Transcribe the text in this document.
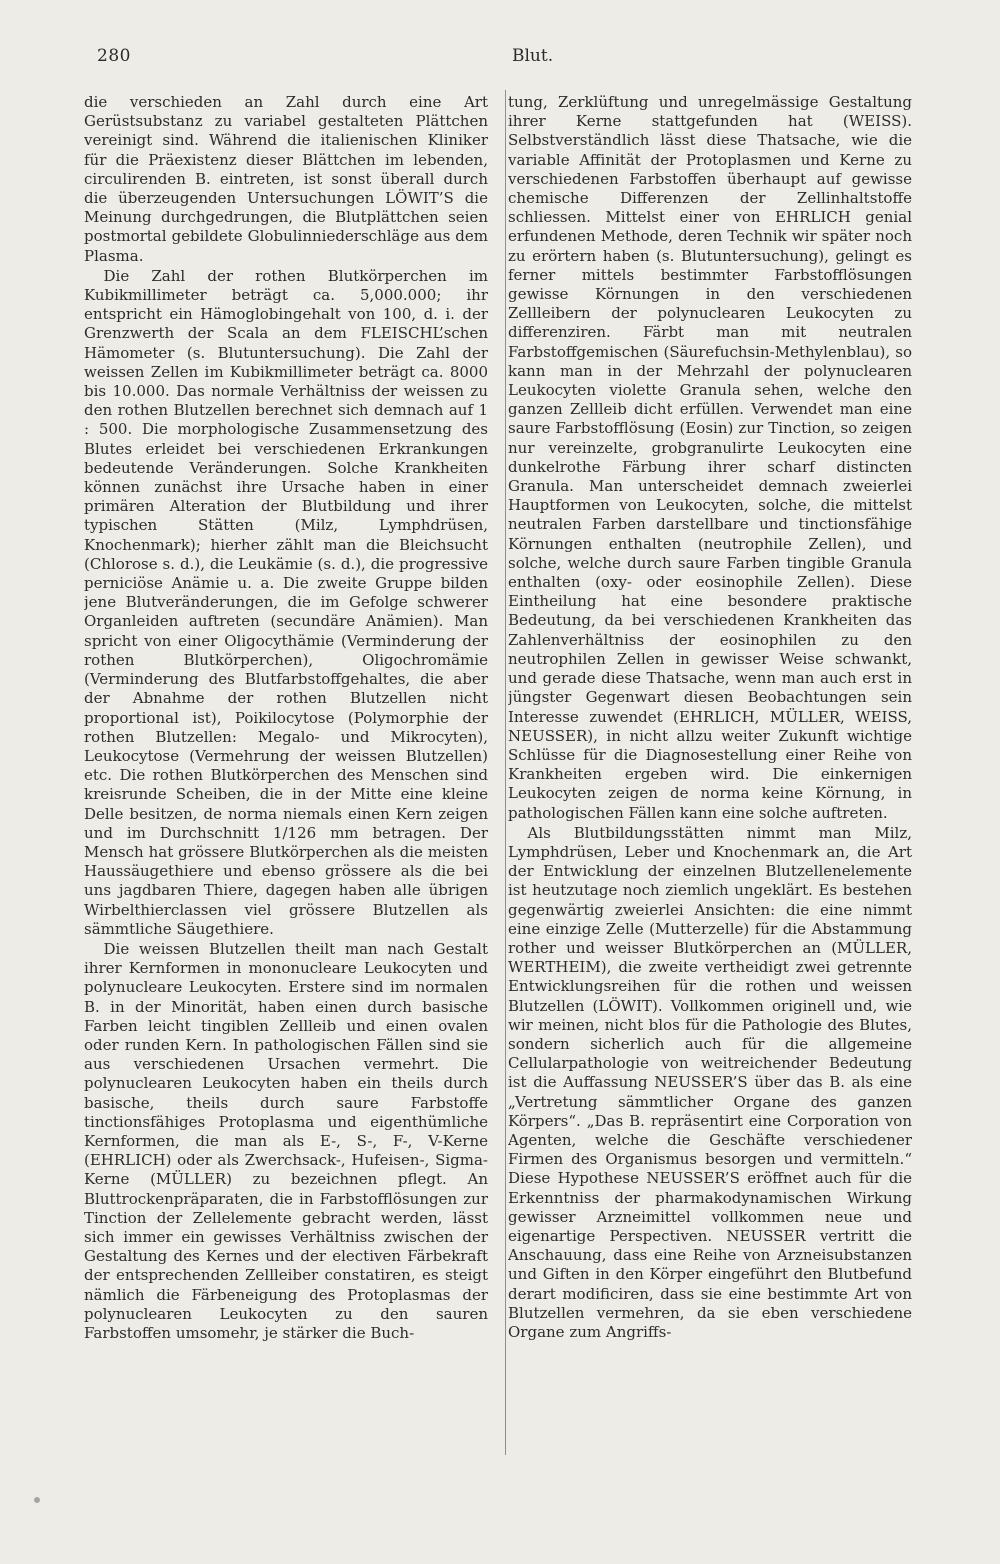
280	Blut.

die verschieden an Zahl durch eine Art Gerüstsubstanz zu variabel gestalteten Plättchen vereinigt sind. Während die italienischen Kliniker für die Präexistenz dieser Blättchen im lebenden, circulirenden B. eintreten, ist sonst überall durch die überzeugenden Untersuchungen LÖWIT’S die Meinung durchgedrungen, die Blutplättchen seien postmortal gebildete Globulinniederschläge aus dem Plasma.

Die Zahl der rothen Blutkörperchen im Kubikmillimeter beträgt ca. 5,000.000; ihr entspricht ein Hämoglobingehalt von 100, d. i. der Grenzwerth der Scala an dem FLEISCHL’schen Hämometer (s. Blutuntersuchung). Die Zahl der weissen Zellen im Kubikmillimeter beträgt ca. 8000 bis 10.000. Das normale Verhältniss der weissen zu den rothen Blutzellen berechnet sich demnach auf 1 : 500. Die morphologische Zusammensetzung des Blutes erleidet bei verschiedenen Erkrankungen bedeutende Veränderungen. Solche Krankheiten können zunächst ihre Ursache haben in einer primären Alteration der Blutbildung und ihrer typischen Stätten (Milz, Lymphdrüsen, Knochenmark); hierher zählt man die Bleichsucht (Chlorose s. d.), die Leukämie (s. d.), die progressive perniciöse Anämie u. a. Die zweite Gruppe bilden jene Blutveränderungen, die im Gefolge schwerer Organleiden auftreten (secundäre Anämien). Man spricht von einer Oligocythämie (Verminderung der rothen Blutkörperchen), Oligochromämie (Verminderung des Blutfarbstoffgehaltes, die aber der Abnahme der rothen Blutzellen nicht proportional ist), Poikilocytose (Polymorphie der rothen Blutzellen: Megalo- und Mikrocyten), Leukocytose (Vermehrung der weissen Blutzellen) etc. Die rothen Blutkörperchen des Menschen sind kreisrunde Scheiben, die in der Mitte eine kleine Delle besitzen, de norma niemals einen Kern zeigen und im Durchschnitt 1/126 mm betragen. Der Mensch hat grössere Blutkörperchen als die meisten Haussäugethiere und ebenso grössere als die bei uns jagdbaren Thiere, dagegen haben alle übrigen Wirbelthierclassen viel grössere Blutzellen als sämmtliche Säugethiere.

Die weissen Blutzellen theilt man nach Gestalt ihrer Kernformen in mononucleare Leukocyten und polynucleare Leukocyten. Erstere sind im normalen B. in der Minorität, haben einen durch basische Farben leicht tingiblen Zellleib und einen ovalen oder runden Kern. In pathologischen Fällen sind sie aus verschiedenen Ursachen vermehrt. Die polynuclearen Leukocyten haben ein theils durch basische, theils durch saure Farbstoffe tinctionsfähiges Protoplasma und eigenthümliche Kernformen, die man als E-, S-, F-, V-Kerne (EHRLICH) oder als Zwerchsack-, Hufeisen-, Sigma-Kerne (MÜLLER) zu bezeichnen pflegt. An Bluttrockenpräparaten, die in Farbstofflösungen zur Tinction der Zellelemente gebracht werden, lässt sich immer ein gewisses Verhältniss zwischen der Gestaltung des Kernes und der electiven Färbekraft der entsprechenden Zellleiber constatiren, es steigt nämlich die Färbeneigung des Protoplasmas der polynuclearen Leukocyten zu den sauren Farbstoffen umsomehr, je stärker die Buch-

tung, Zerklüftung und unregelmässige Gestaltung ihrer Kerne stattgefunden hat (WEISS). Selbstverständlich lässt diese Thatsache, wie die variable Affinität der Protoplasmen und Kerne zu verschiedenen Farbstoffen überhaupt auf gewisse chemische Differenzen der Zellinhaltstoffe schliessen. Mittelst einer von EHRLICH genial erfundenen Methode, deren Technik wir später noch zu erörtern haben (s. Blutuntersuchung), gelingt es ferner mittels bestimmter Farbstofflösungen gewisse Körnungen in den verschiedenen Zellleibern der polynuclearen Leukocyten zu differenziren. Färbt man mit neutralen Farbstoffgemischen (Säurefuchsin-Methylenblau), so kann man in der Mehrzahl der polynuclearen Leukocyten violette Granula sehen, welche den ganzen Zellleib dicht erfüllen. Verwendet man eine saure Farbstofflösung (Eosin) zur Tinction, so zeigen nur vereinzelte, grobgranulirte Leukocyten eine dunkelrothe Färbung ihrer scharf distincten Granula. Man unterscheidet demnach zweierlei Hauptformen von Leukocyten, solche, die mittelst neutralen Farben darstellbare und tinctionsfähige Körnungen enthalten (neutrophile Zellen), und solche, welche durch saure Farben tingible Granula enthalten (oxy- oder eosinophile Zellen). Diese Eintheilung hat eine besondere praktische Bedeutung, da bei verschiedenen Krankheiten das Zahlenverhältniss der eosinophilen zu den neutrophilen Zellen in gewisser Weise schwankt, und gerade diese Thatsache, wenn man auch erst in jüngster Gegenwart diesen Beobachtungen sein Interesse zuwendet (EHRLICH, MÜLLER, WEISS, NEUSSER), in nicht allzu weiter Zukunft wichtige Schlüsse für die Diagnosestellung einer Reihe von Krankheiten ergeben wird. Die einkernigen Leukocyten zeigen de norma keine Körnung, in pathologischen Fällen kann eine solche auftreten.

Als Blutbildungsstätten nimmt man Milz, Lymphdrüsen, Leber und Knochenmark an, die Art der Entwicklung der einzelnen Blutzellenelemente ist heutzutage noch ziemlich ungeklärt. Es bestehen gegenwärtig zweierlei Ansichten: die eine nimmt eine einzige Zelle (Mutterzelle) für die Abstammung rother und weisser Blutkörperchen an (MÜLLER, WERTHEIM), die zweite vertheidigt zwei getrennte Entwicklungsreihen für die rothen und weissen Blutzellen (LÖWIT). Vollkommen originell und, wie wir meinen, nicht blos für die Pathologie des Blutes, sondern sicherlich auch für die allgemeine Cellularpathologie von weitreichender Bedeutung ist die Auffassung NEUSSER’S über das B. als eine „Vertretung sämmtlicher Organe des ganzen Körpers“. „Das B. repräsentirt eine Corporation von Agenten, welche die Geschäfte verschiedener Firmen des Organismus besorgen und vermitteln.“ Diese Hypothese NEUSSER’S eröffnet auch für die Erkenntniss der pharmakodynamischen Wirkung gewisser Arzneimittel vollkommen neue und eigenartige Perspectiven. NEUSSER vertritt die Anschauung, dass eine Reihe von Arzneisubstanzen und Giften in den Körper eingeführt den Blutbefund derart modificiren, dass sie eine bestimmte Art von Blutzellen vermehren, da sie eben verschiedene Organe zum Angriffs-
